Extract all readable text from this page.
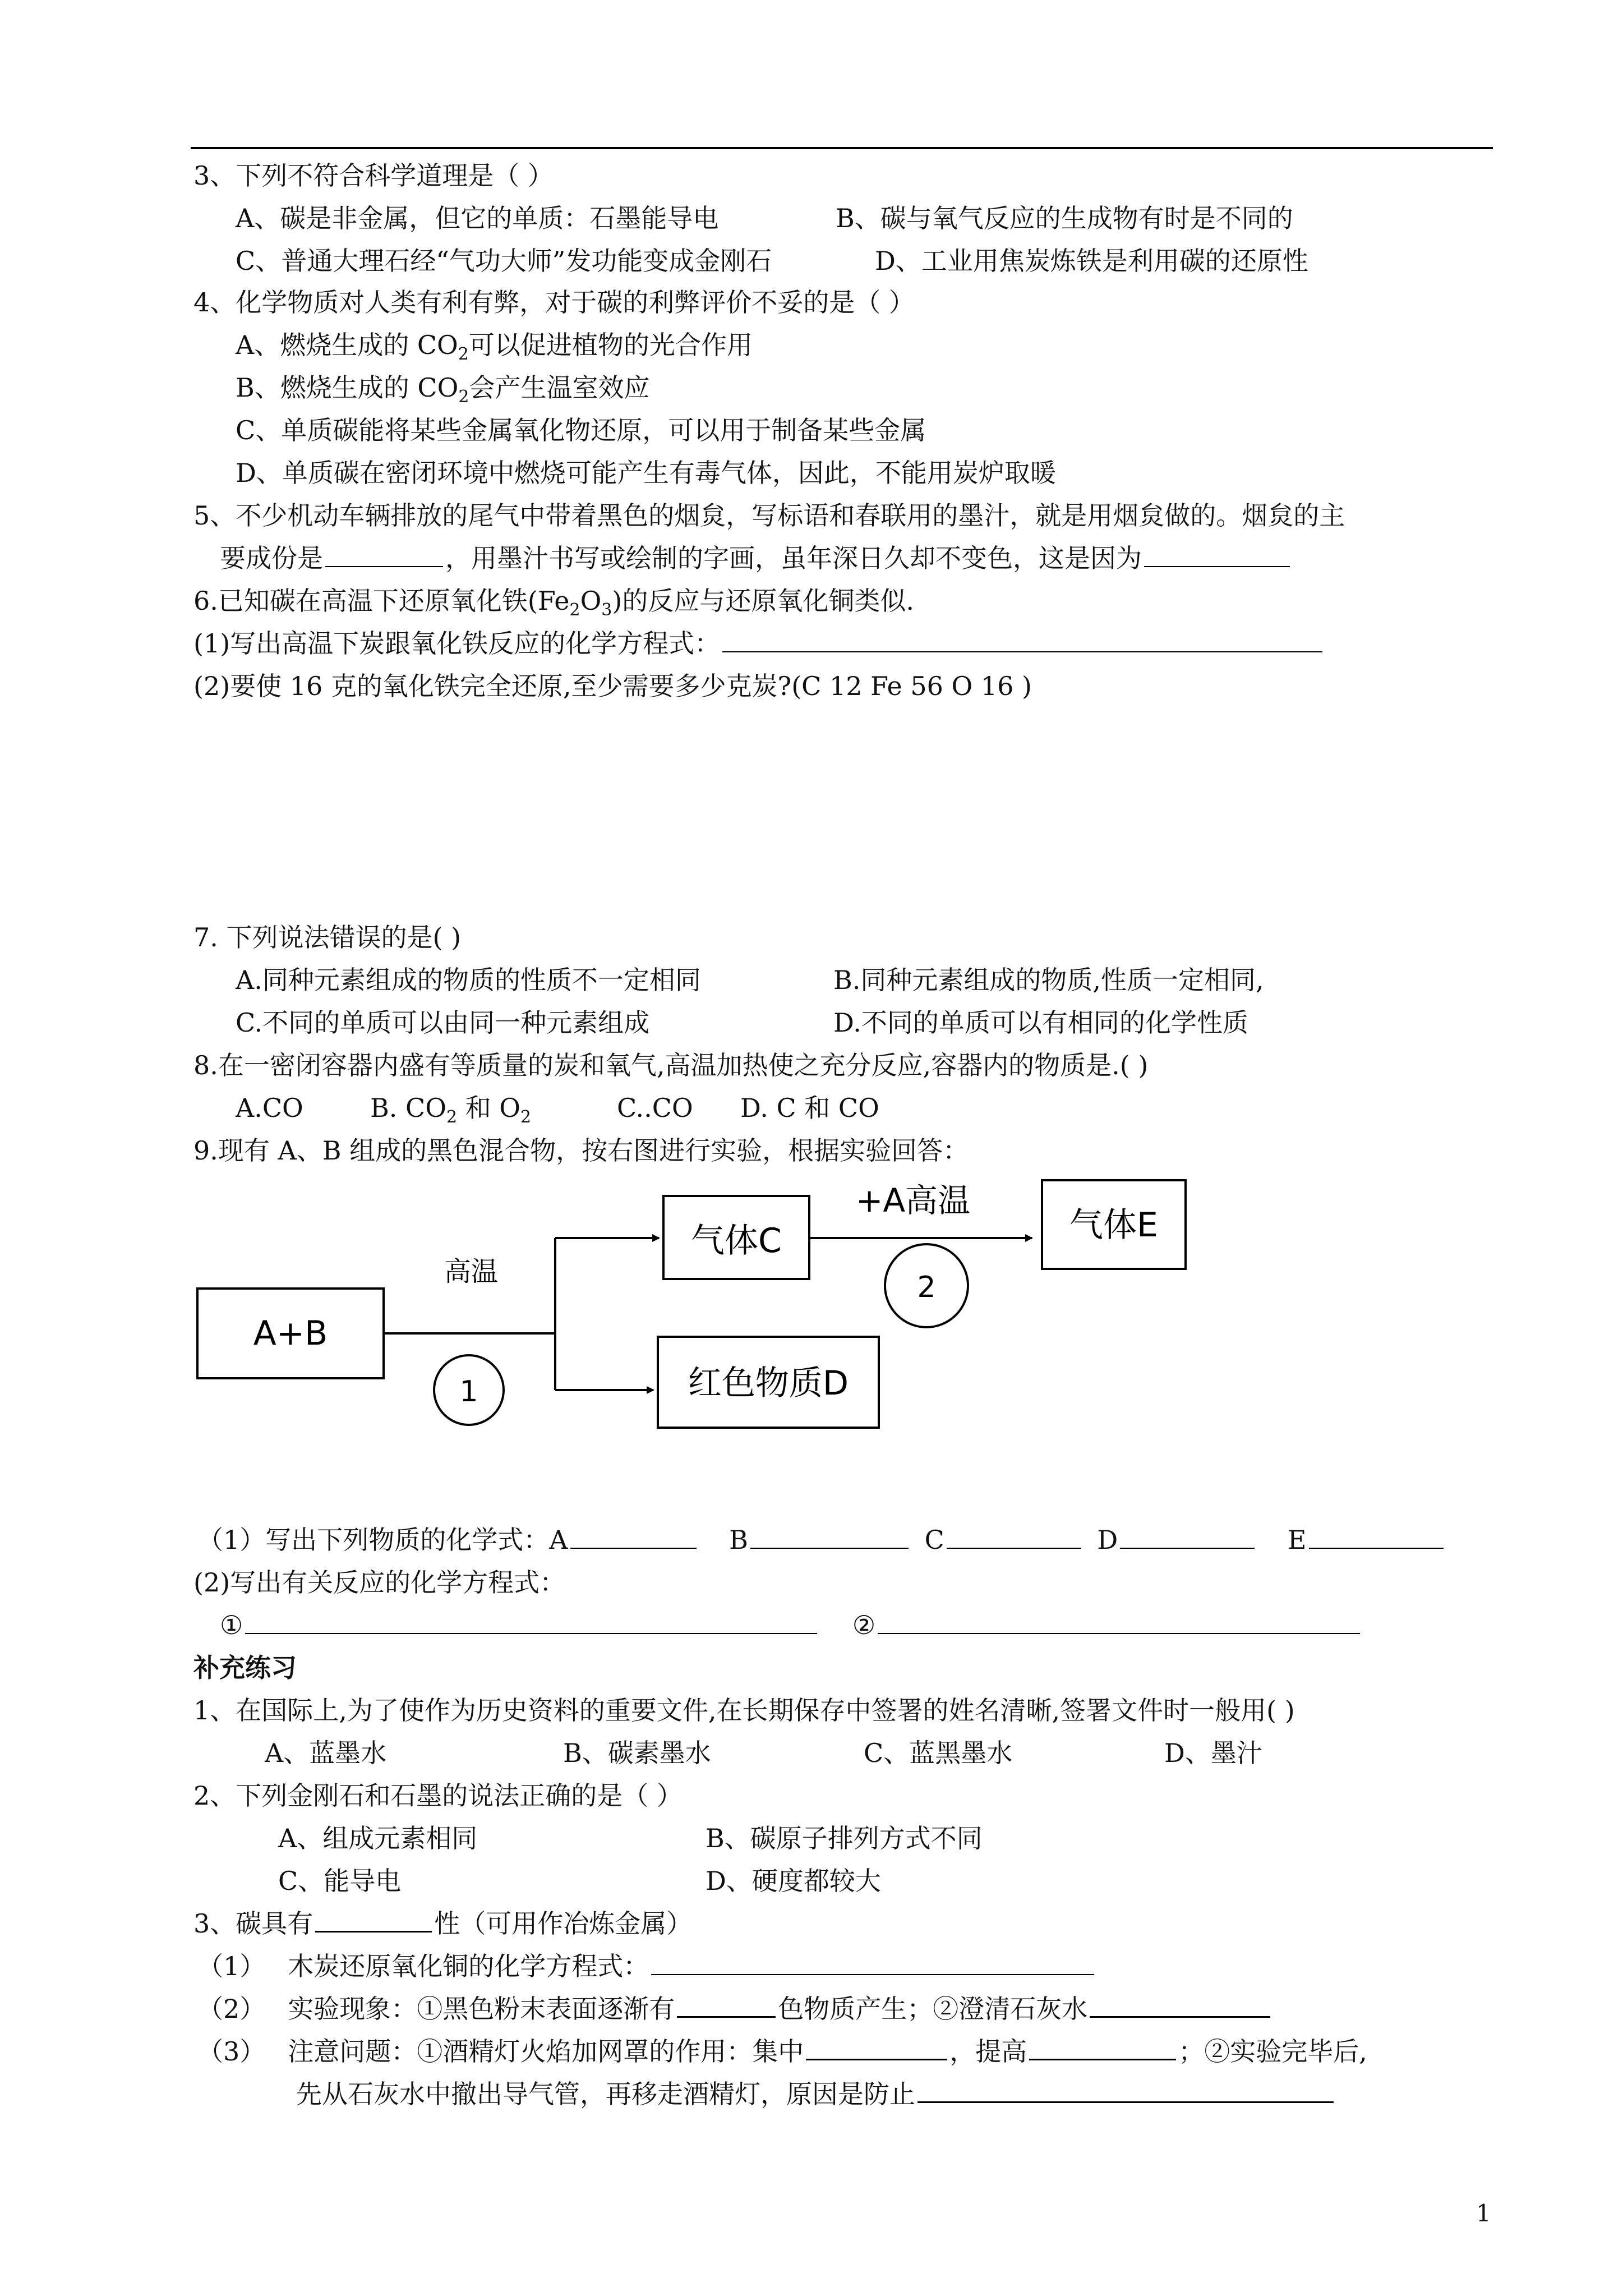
3、下列不符合科学道理是（ ）
A、碳是非金属，但它的单质：石墨能导电	B、碳与氧气反应的生成物有时是不同的
C、普通大理石经“气功大师”发功能变成金刚石	D、工业用焦炭炼铁是利用碳的还原性
4、化学物质对人类有利有弊，对于碳的利弊评价不妥的是（ ）
A、燃烧生成的 $CO_2$可以促进植物的光合作用
B、燃烧生成的 $CO_2$会产生温室效应
C、单质碳能将某些金属氧化物还原，可以用于制备某些金属
D、单质碳在密闭环境中燃烧可能产生有毒气体，因此，不能用炭炉取暖
5、不少机动车辆排放的尾气中带着黑色的烟炱，写标语和春联用的墨汁，就是用烟炱做的。烟炱的主
要成份是	，用墨汁书写或绘制的字画，虽年深日久却不变色，这是因为
6.已知碳在高温下还原氧化铁$(Fe_2O_3)$的反应与还原氧化铜类似.
(1)写出高温下炭跟氧化铁反应的化学方程式：
(2)要使 16 克的氧化铁完全还原,至少需要多少克炭?(C 12 Fe 56 O 16 )
7. 下列说法错误的是( )
A.同种元素组成的物质的性质不一定相同	B.同种元素组成的物质,性质一定相同,
C.不同的单质可以由同一种元素组成	D.不同的单质可以有相同的化学性质
8.在一密闭容器内盛有等质量的炭和氧气,高温加热使之充分反应,容器内的物质是.( )
A.CO	B. $CO_2$ 和 $O_2$	C..CO D. C 和 CO
9.现有 A、B 组成的黑色混合物，按右图进行实验，根据实验回答：
A+B
高温
1
气体C
+A高温
2
气体E
红色物质D
（1）写出下列物质的化学式：A	B	C	D	E
(2)写出有关反应的化学方程式：
①	②
补充练习
1、在国际上,为了使作为历史资料的重要文件,在长期保存中签署的姓名清晰,签署文件时一般用( )
A、蓝墨水	B、碳素墨水	C、蓝黑墨水	D、墨汁
2、下列金刚石和石墨的说法正确的是（ ）
A、组成元素相同	B、碳原子排列方式不同
C、能导电	D、硬度都较大
3、碳具有	性（可用作冶炼金属）
（1） 木炭还原氧化铜的化学方程式：
（2） 实验现象：①黑色粉末表面逐渐有	色物质产生；②澄清石灰水
（3） 注意问题：①酒精灯火焰加网罩的作用：集中	，提高	；②实验完毕后,
先从石灰水中撤出导气管，再移走酒精灯，原因是防止
1
